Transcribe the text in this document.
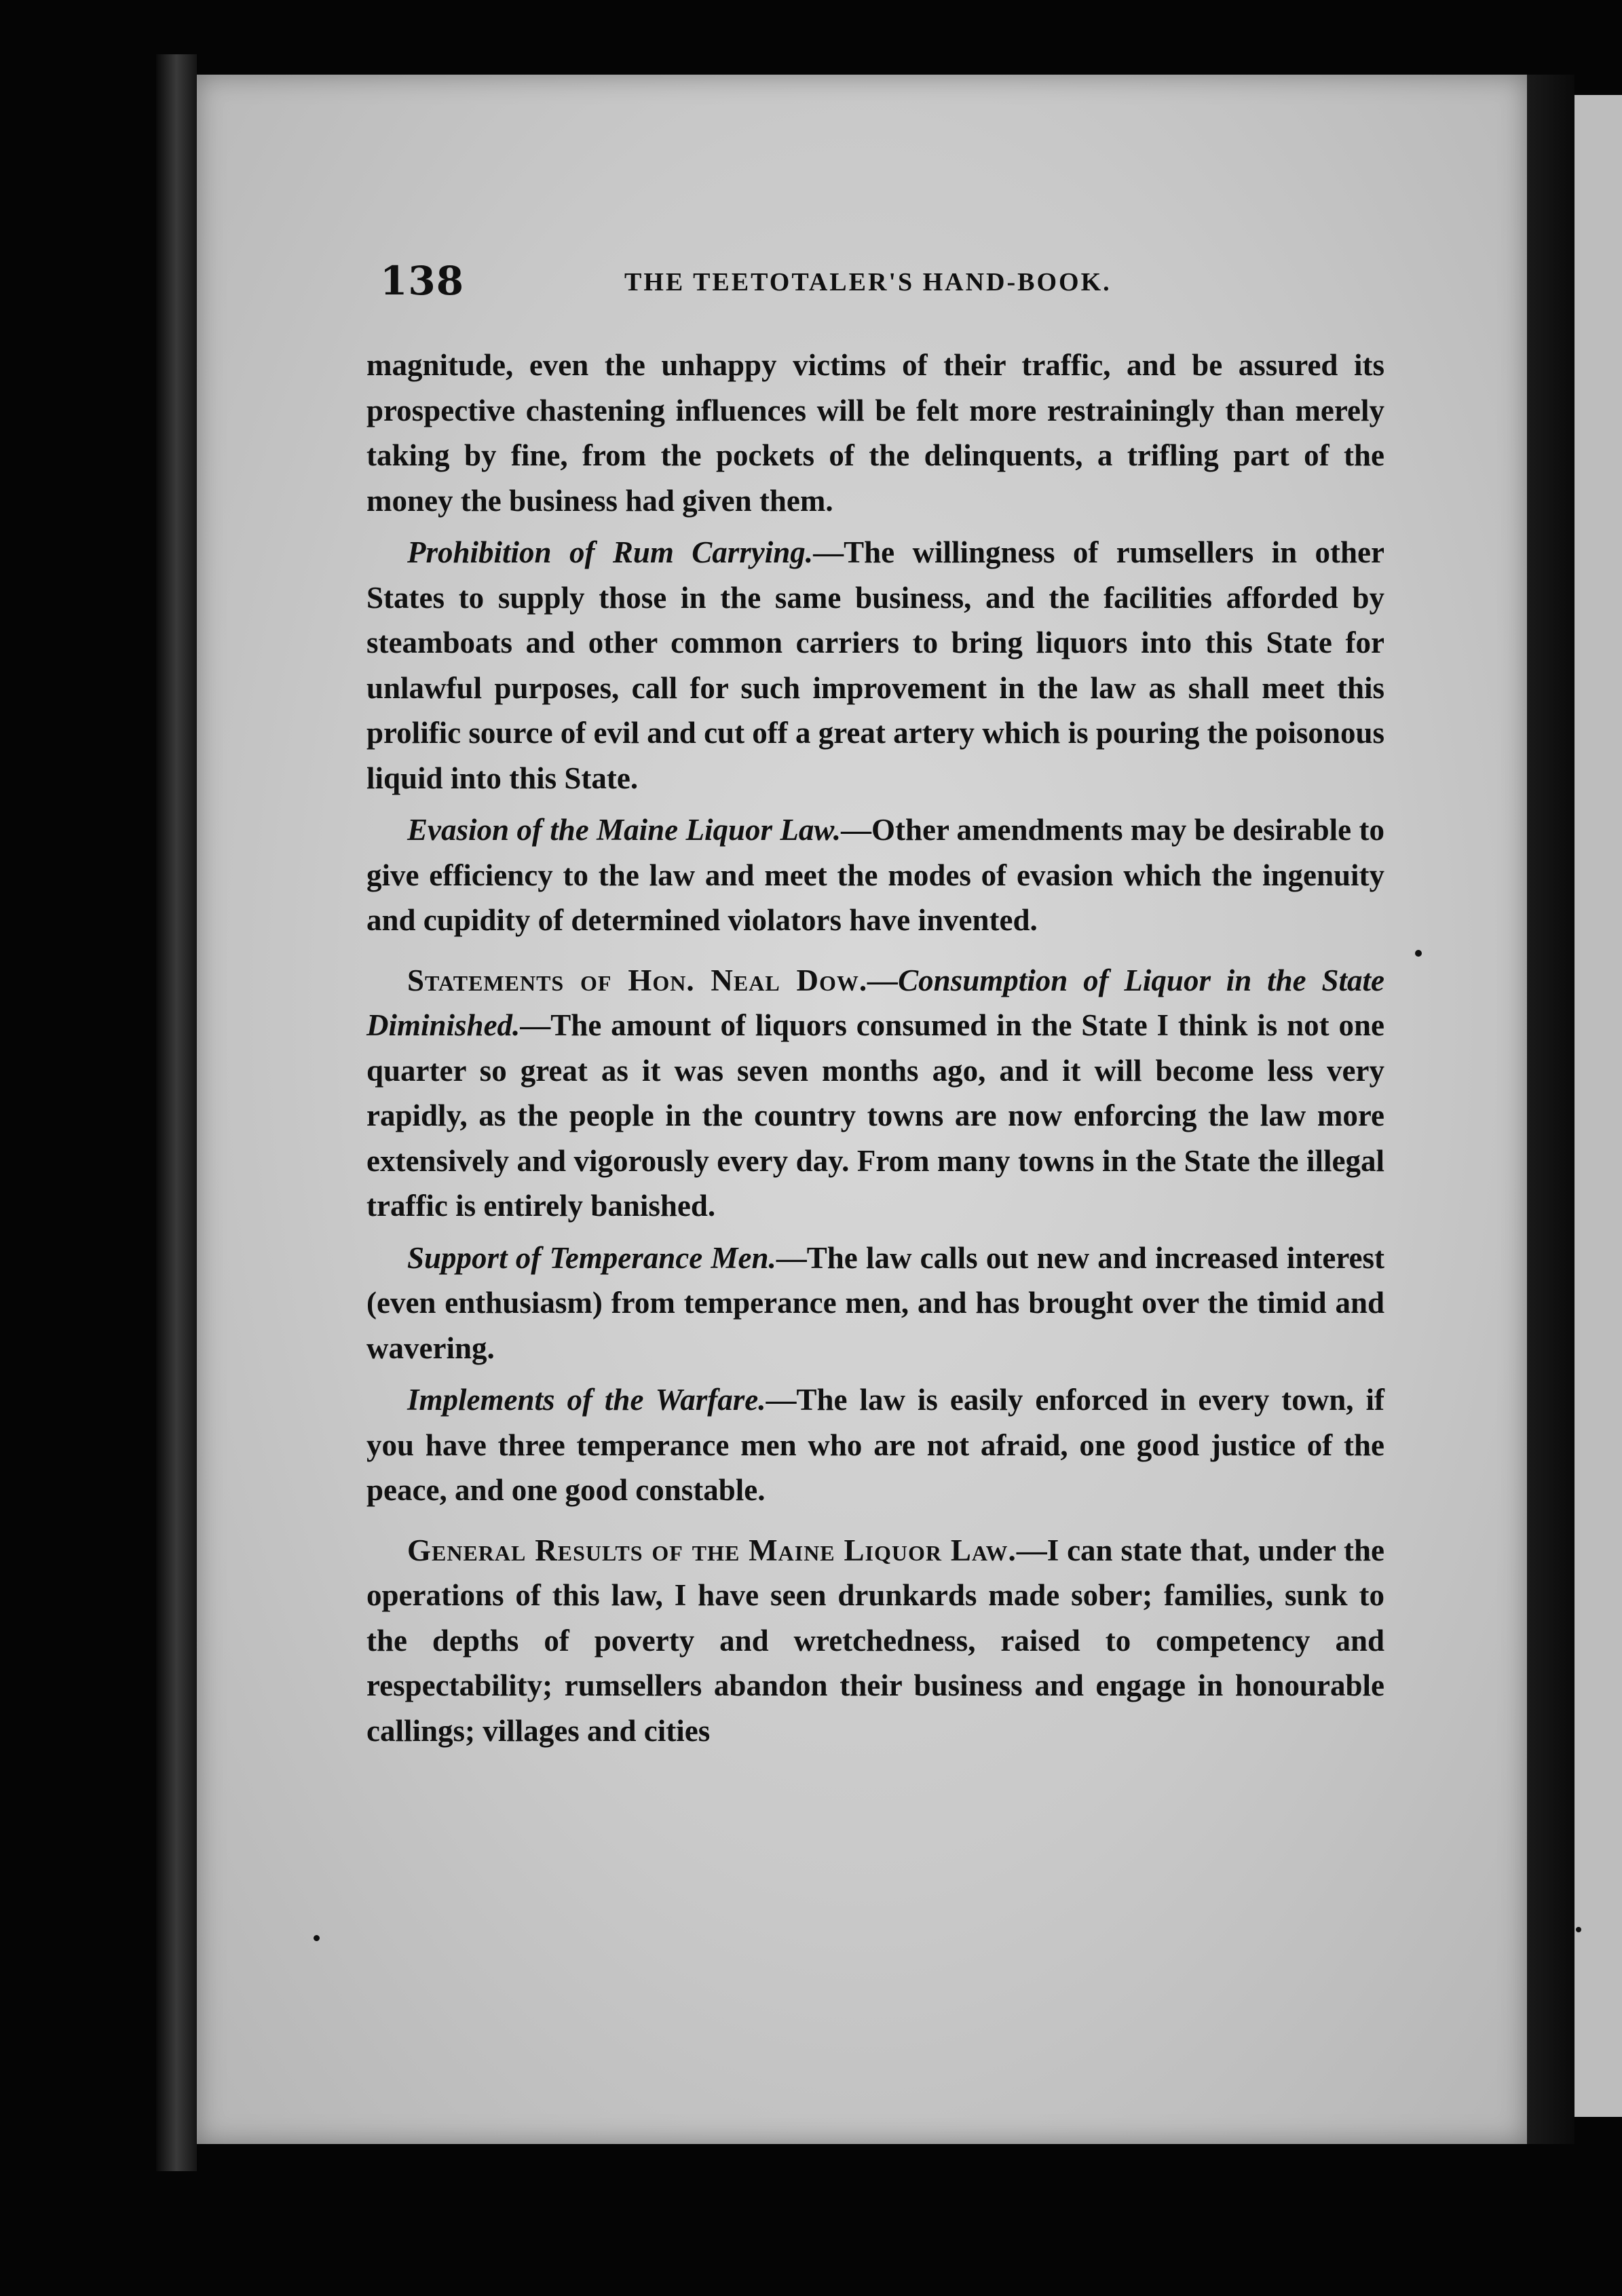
138	THE TEETOTALER'S HAND-BOOK.

magnitude, even the unhappy victims of their traffic, and be assured its prospective chastening influences will be felt more restrainingly than merely taking by fine, from the pockets of the delinquents, a trifling part of the money the business had given them.

Prohibition of Rum Carrying.—The willingness of rumsellers in other States to supply those in the same business, and the facilities afforded by steamboats and other common carriers to bring liquors into this State for unlawful purposes, call for such improvement in the law as shall meet this prolific source of evil and cut off a great artery which is pouring the poisonous liquid into this State.

Evasion of the Maine Liquor Law.—Other amendments may be desirable to give efficiency to the law and meet the modes of evasion which the ingenuity and cupidity of determined violators have invented.

Statements of Hon. Neal Dow.—Consumption of Liquor in the State Diminished.—The amount of liquors consumed in the State I think is not one quarter so great as it was seven months ago, and it will become less very rapidly, as the people in the country towns are now enforcing the law more extensively and vigorously every day. From many towns in the State the illegal traffic is entirely banished.

Support of Temperance Men.—The law calls out new and increased interest (even enthusiasm) from temperance men, and has brought over the timid and wavering.

Implements of the Warfare.—The law is easily enforced in every town, if you have three temperance men who are not afraid, one good justice of the peace, and one good constable.

General Results of the Maine Liquor Law.—I can state that, under the operations of this law, I have seen drunkards made sober; families, sunk to the depths of poverty and wretchedness, raised to competency and respectability; rumsellers abandon their business and engage in honourable callings; villages and cities
